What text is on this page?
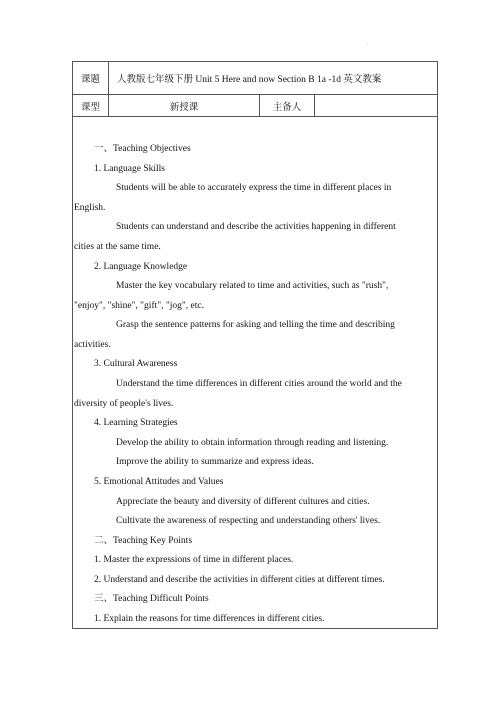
.
课题	人教版七年级下册 Unit 5 Here and now Section B 1a -1d 英文教案
课型	新授课	主备人
一、Teaching Objectives
1. Language Skills
Students will be able to accurately express the time in different places in
English.
Students can understand and describe the activities happening in different
cities at the same time.
2. Language Knowledge
Master the key vocabulary related to time and activities, such as "rush",
"enjoy", "shine", "gift", "jog", etc.
Grasp the sentence patterns for asking and telling the time and describing
activities.
3. Cultural Awareness
Understand the time differences in different cities around the world and the
diversity of people's lives.
4. Learning Strategies
Develop the ability to obtain information through reading and listening.
Improve the ability to summarize and express ideas.
5. Emotional Attitudes and Values
Appreciate the beauty and diversity of different cultures and cities.
Cultivate the awareness of respecting and understanding others' lives.
二、Teaching Key Points
1. Master the expressions of time in different places.
2. Understand and describe the activities in different cities at different times.
三、Teaching Difficult Points
1. Explain the reasons for time differences in different cities.
